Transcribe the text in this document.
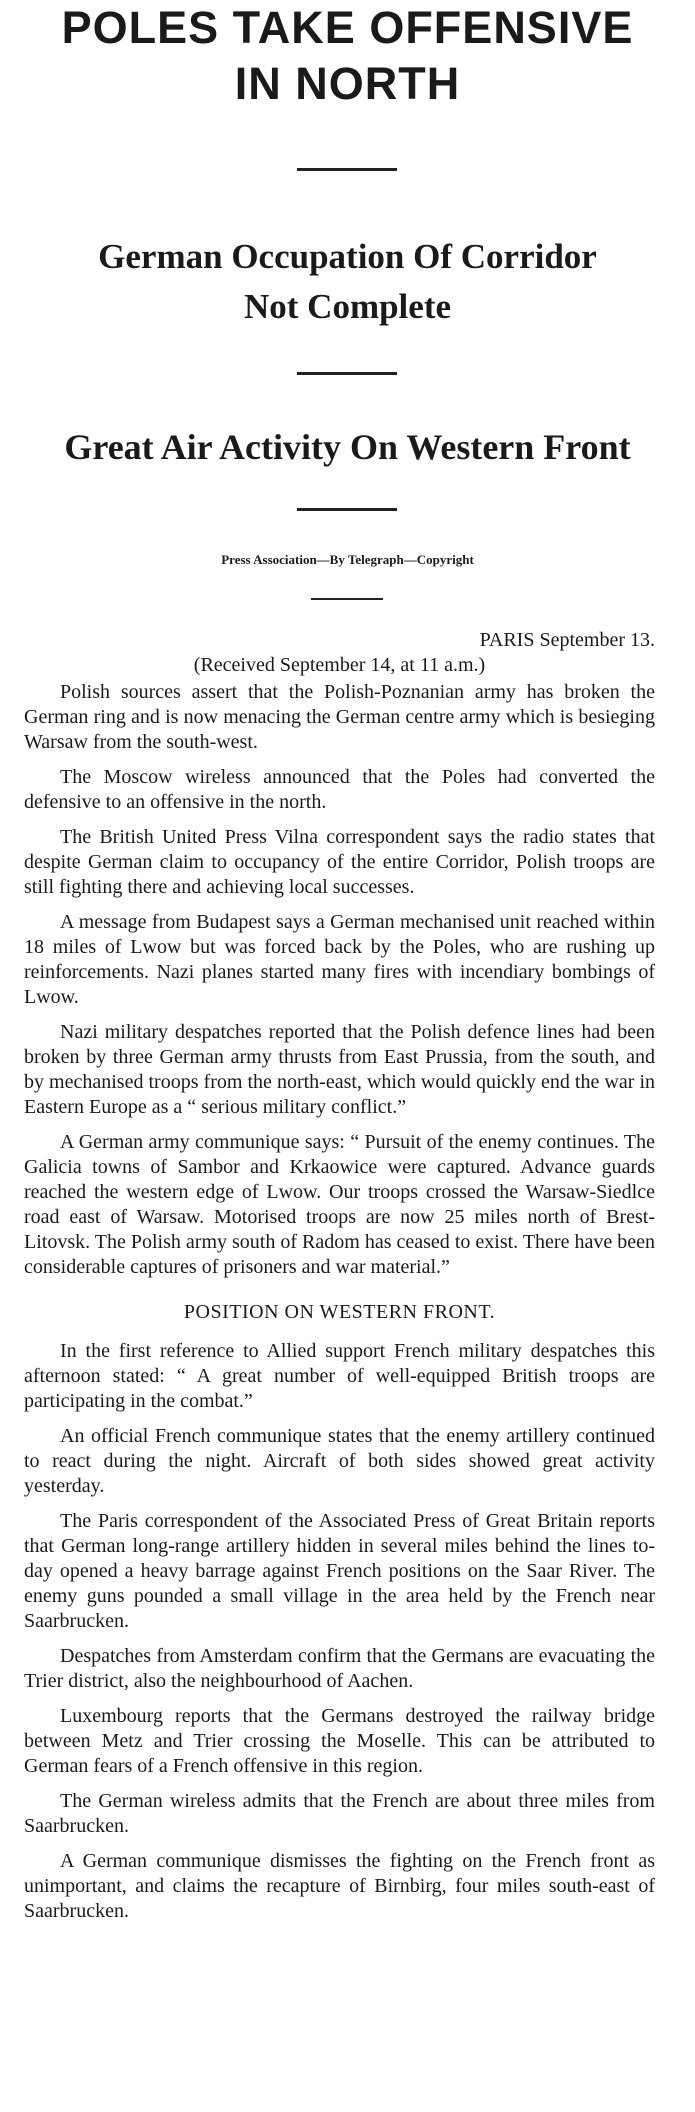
POLES TAKE OFFENSIVE
IN NORTH
German Occupation Of Corridor
Not Complete
Great Air Activity On Western Front

Press Association—By Telegraph—Copyright

PARIS September 13.

(Received September 14, at 11 a.m.)

Polish sources assert that the Polish-Poznanian army has broken the German ring and is now menacing the German centre army which is besieging Warsaw from the south-west.

The Moscow wireless announced that the Poles had converted the defensive to an offensive in the north.

The British United Press Vilna correspondent says the radio states that despite German claim to occupancy of the entire Corridor, Polish troops are still fighting there and achieving local successes.

A message from Budapest says a German mechanised unit reached within 18 miles of Lwow but was forced back by the Poles, who are rushing up reinforcements. Nazi planes started many fires with incendiary bombings of Lwow.

Nazi military despatches reported that the Polish defence lines had been broken by three German army thrusts from East Prussia, from the south, and by mechanised troops from the north-east, which would quickly end the war in Eastern Europe as a “ serious military conflict.”

A German army communique says: “ Pursuit of the enemy continues. The Galicia towns of Sambor and Krkaowice were captured. Advance guards reached the western edge of Lwow. Our troops crossed the Warsaw-Siedlce road east of Warsaw. Motorised troops are now 25 miles north of Brest-Litovsk. The Polish army south of Radom has ceased to exist. There have been considerable captures of prisoners and war material.”

POSITION ON WESTERN FRONT.

In the first reference to Allied support French military despatches this afternoon stated: “ A great number of well-equipped British troops are participating in the combat.”

An official French communique states that the enemy artillery continued to react during the night. Aircraft of both sides showed great activity yesterday.

The Paris correspondent of the Associated Press of Great Britain reports that German long-range artillery hidden in several miles behind the lines to-day opened a heavy barrage against French positions on the Saar River. The enemy guns pounded a small village in the area held by the French near Saarbrucken.

Despatches from Amsterdam confirm that the Germans are evacuating the Trier district, also the neighbourhood of Aachen.

Luxembourg reports that the Germans destroyed the railway bridge between Metz and Trier crossing the Moselle. This can be attributed to German fears of a French offensive in this region.

The German wireless admits that the French are about three miles from Saarbrucken.

A German communique dismisses the fighting on the French front as unimportant, and claims the recapture of Birnbirg, four miles south-east of Saarbrucken.
